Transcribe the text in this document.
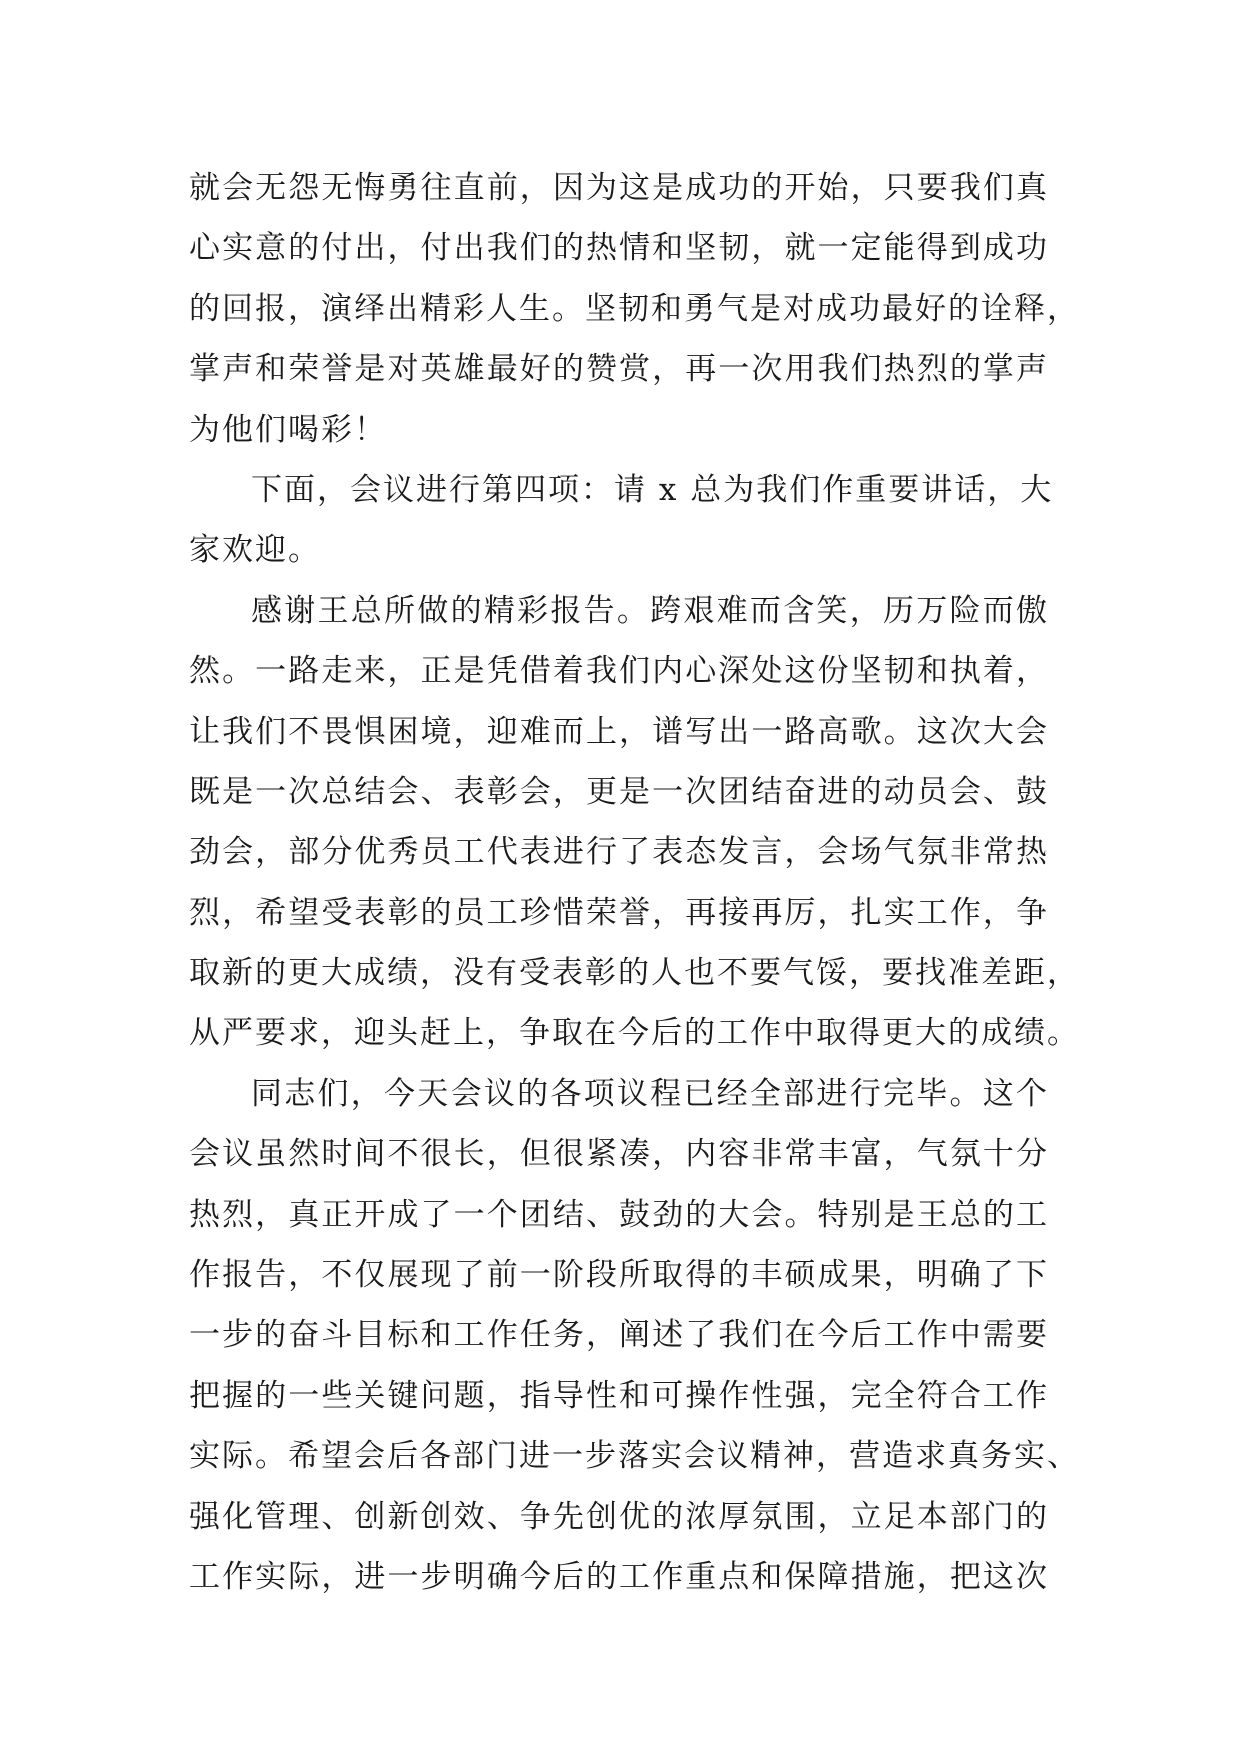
就会无怨无悔勇往直前，因为这是成功的开始，只要我们真
心实意的付出，付出我们的热情和坚韧，就一定能得到成功
的回报，演绎出精彩人生。坚韧和勇气是对成功最好的诠释，
掌声和荣誉是对英雄最好的赞赏，再一次用我们热烈的掌声
为他们喝彩！
下面，会议进行第四项：请 x 总为我们作重要讲话，大
家欢迎。
感谢王总所做的精彩报告。跨艰难而含笑，历万险而傲
然。一路走来，正是凭借着我们内心深处这份坚韧和执着，
让我们不畏惧困境，迎难而上，谱写出一路高歌。这次大会
既是一次总结会、表彰会，更是一次团结奋进的动员会、鼓
劲会，部分优秀员工代表进行了表态发言，会场气氛非常热
烈，希望受表彰的员工珍惜荣誉，再接再厉，扎实工作，争
取新的更大成绩，没有受表彰的人也不要气馁，要找准差距，
从严要求，迎头赶上，争取在今后的工作中取得更大的成绩。
同志们，今天会议的各项议程已经全部进行完毕。这个
会议虽然时间不很长，但很紧凑，内容非常丰富，气氛十分
热烈，真正开成了一个团结、鼓劲的大会。特别是王总的工
作报告，不仅展现了前一阶段所取得的丰硕成果，明确了下
一步的奋斗目标和工作任务，阐述了我们在今后工作中需要
把握的一些关键问题，指导性和可操作性强，完全符合工作
实际。希望会后各部门进一步落实会议精神，营造求真务实、
强化管理、创新创效、争先创优的浓厚氛围，立足本部门的
工作实际，进一步明确今后的工作重点和保障措施，把这次
